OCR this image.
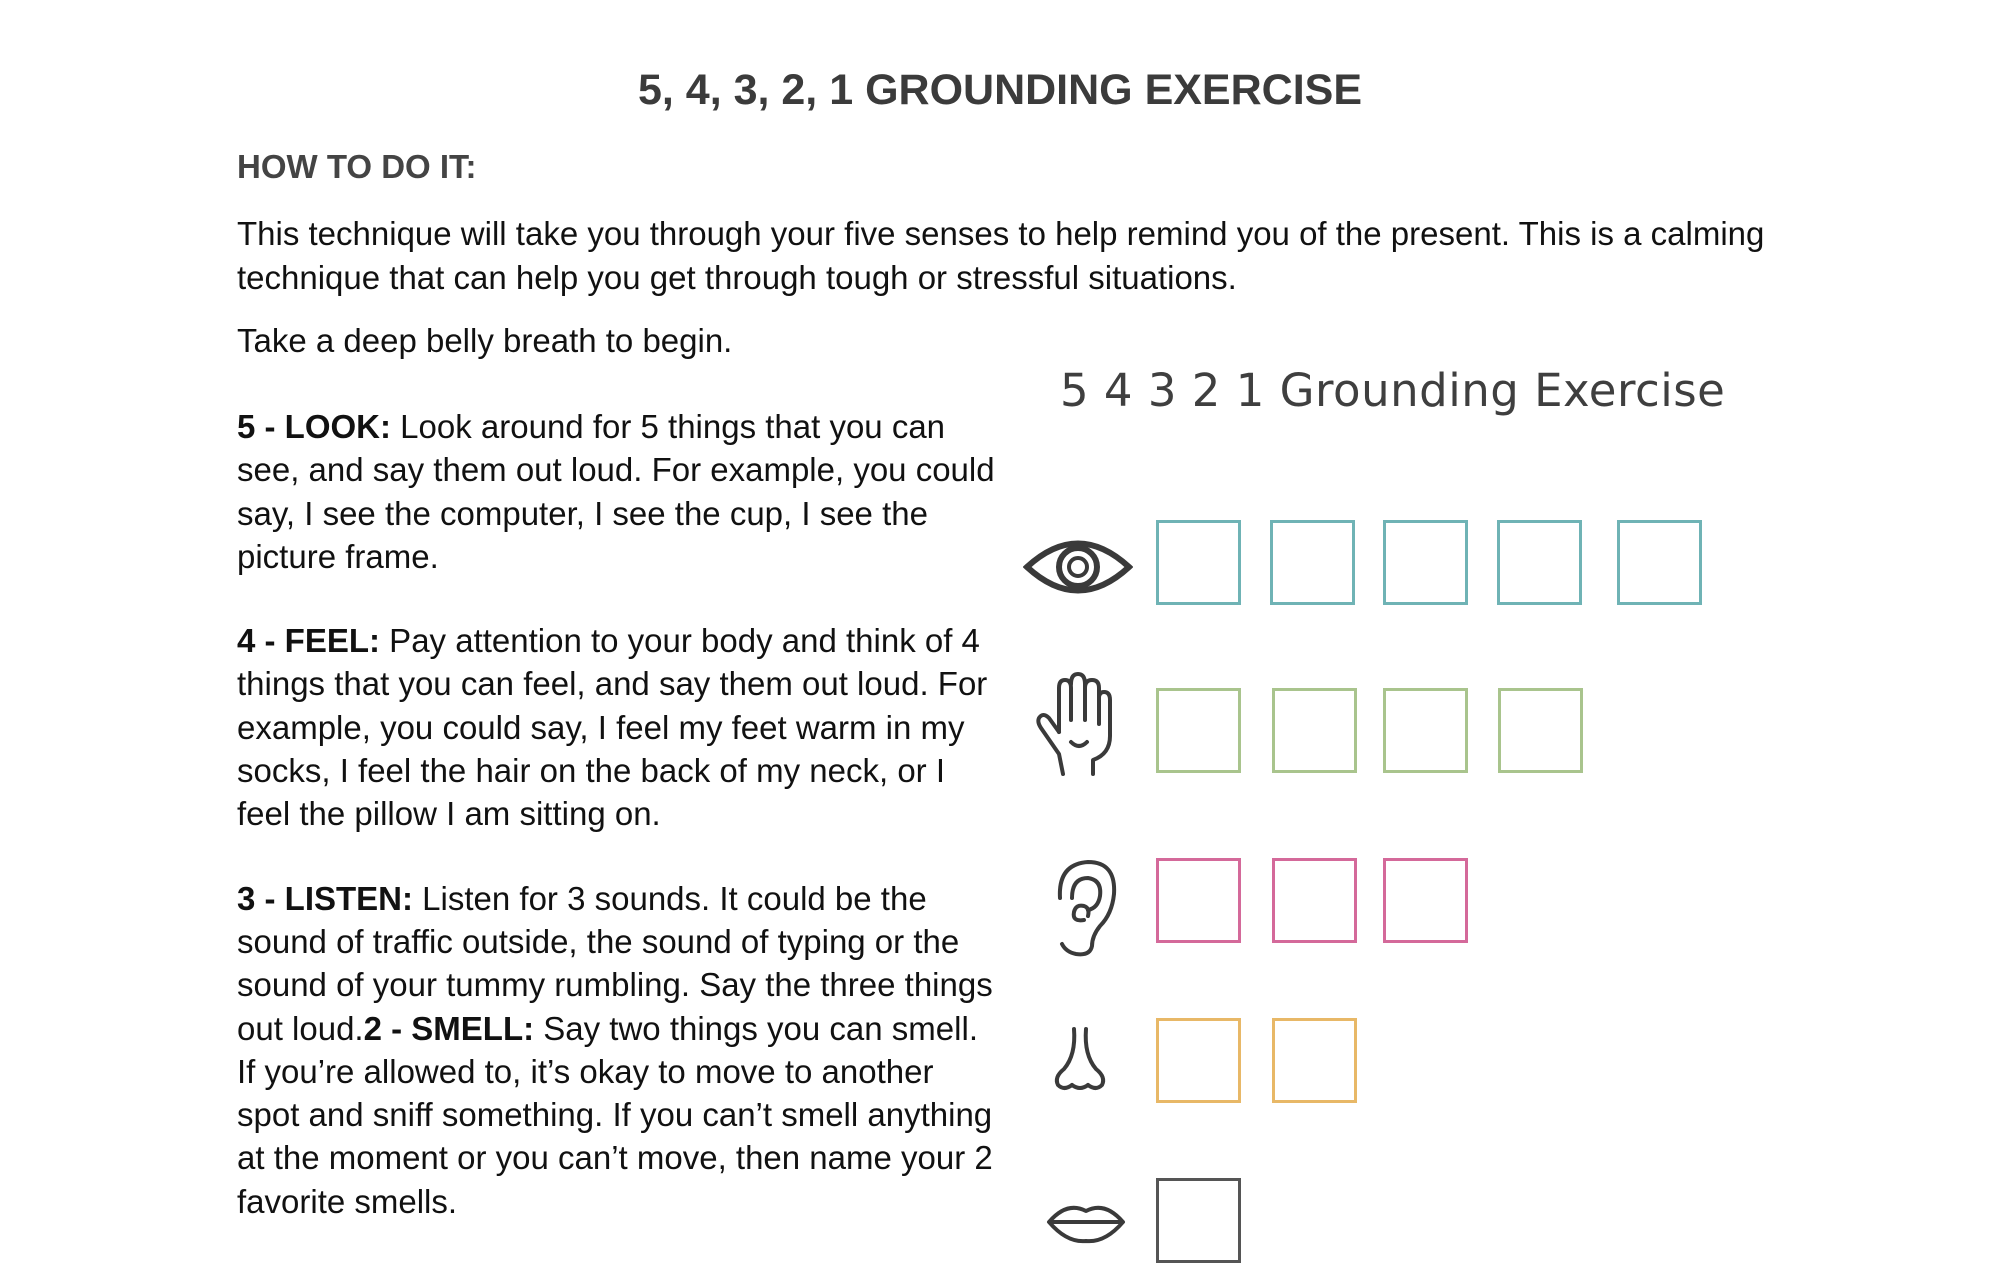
5, 4, 3, 2, 1 GROUNDING EXERCISE
HOW TO DO IT:

This technique will take you through your five senses to help remind you of the present. This is a calming technique that can help you get through tough or stressful situations.

Take a deep belly breath to begin.

5 - LOOK: Look around for 5 things that you can see, and say them out loud. For example, you could say, I see the computer, I see the cup, I see the picture frame.

4 - FEEL: Pay attention to your body and think of 4 things that you can feel, and say them out loud. For example, you could say, I feel my feet warm in my socks, I feel the hair on the back of my neck, or I feel the pillow I am sitting on.

3 - LISTEN: Listen for 3 sounds. It could be the sound of traffic outside, the sound of typing or the sound of your tummy rumbling. Say the three things out loud.2 - SMELL: Say two things you can smell. If you’re allowed to, it’s okay to move to another spot and sniff something. If you can’t smell anything at the moment or you can’t move, then name your 2 favorite smells.

5 4 3 2 1 Grounding Exercise
